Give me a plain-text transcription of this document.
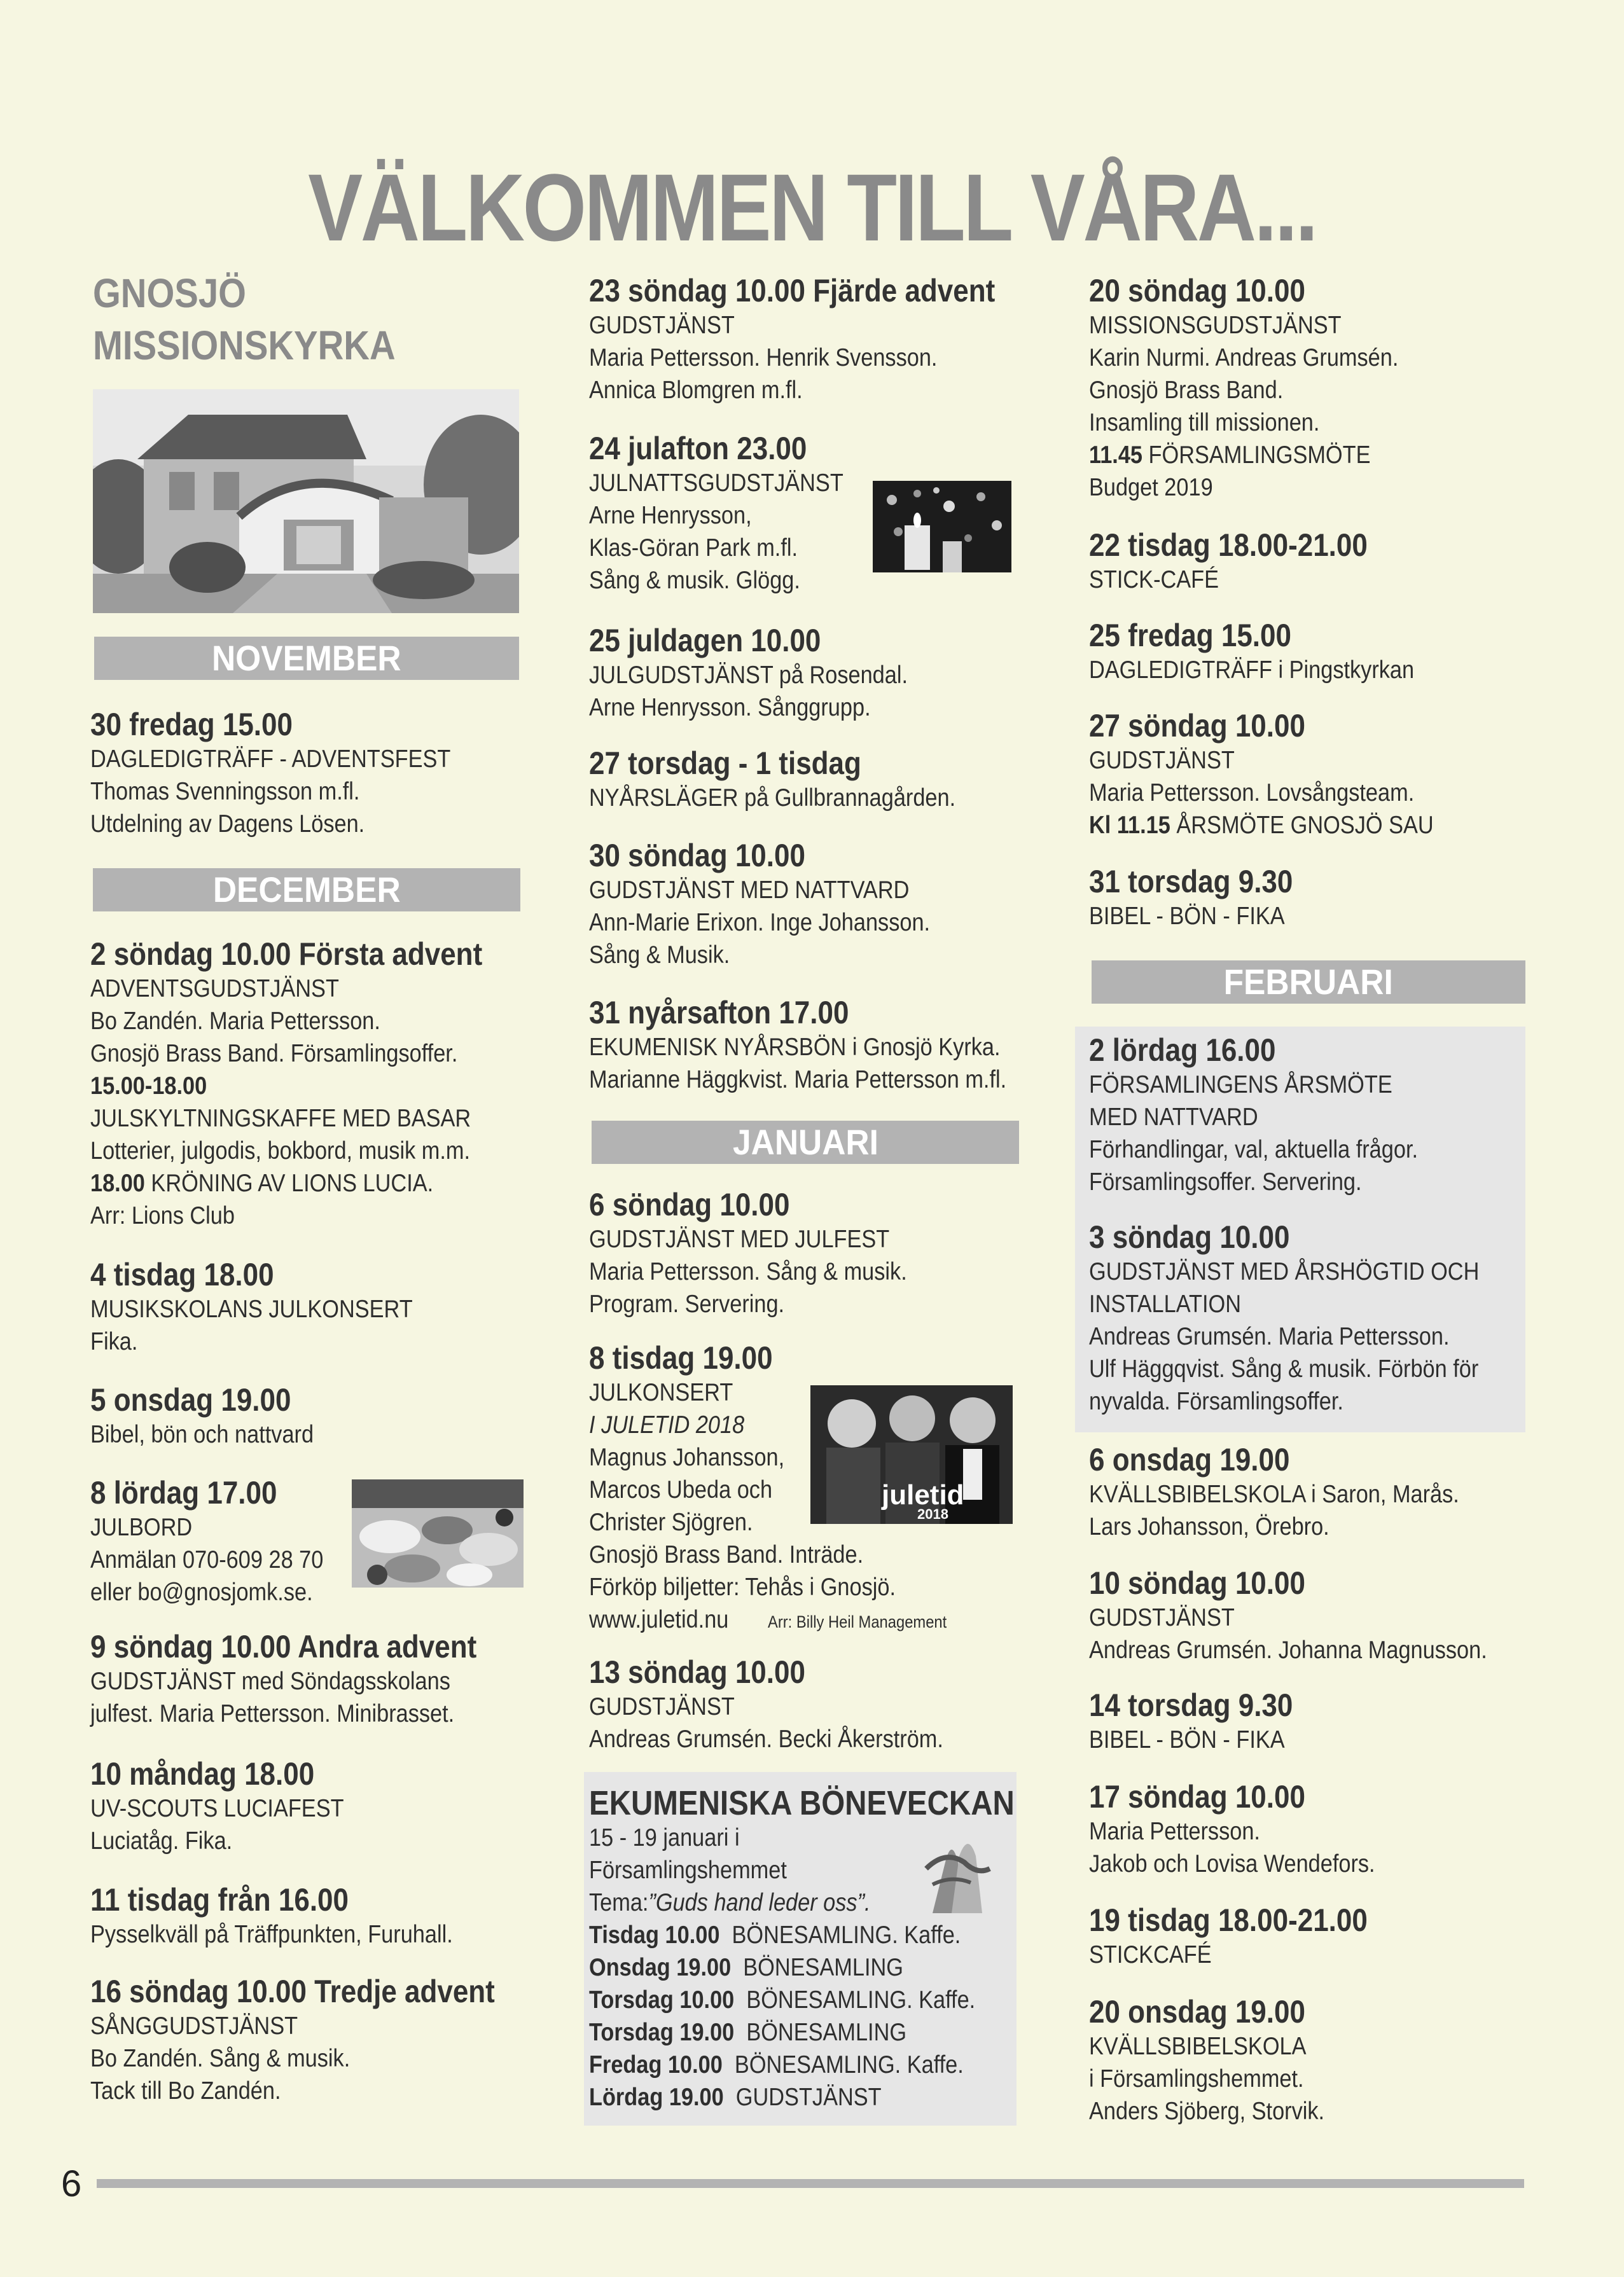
VÄLKOMMEN TILL VÅRA...
GNOSJÖ
MISSIONSKYRKA
NOVEMBER
DECEMBER
JANUARI
FEBRUARI
30 fredag 15.00
DAGLEDIGTRÄFF - ADVENTSFEST
Thomas Svenningsson m.fl.
Utdelning av Dagens Lösen.
2 söndag 10.00 Första advent
ADVENTSGUDSTJÄNST
Bo Zandén. Maria Pettersson.
Gnosjö Brass Band. Församlingsoffer.
15.00-18.00
JULSKYLTNINGSKAFFE MED BASAR
Lotterier, julgodis, bokbord, musik m.m.
18.00 KRÖNING AV LIONS LUCIA.
Arr: Lions Club
4 tisdag 18.00
MUSIKSKOLANS JULKONSERT
Fika.
5 onsdag 19.00
Bibel, bön och nattvard
8 lördag 17.00
JULBORD
Anmälan 070-609 28 70
eller bo@gnosjomk.se.
9 söndag 10.00 Andra advent
GUDSTJÄNST med Söndagsskolans
julfest. Maria Pettersson. Minibrasset.
10 måndag 18.00
UV-SCOUTS LUCIAFEST
Luciatåg. Fika.
11 tisdag från 16.00
Pysselkväll på Träffpunkten, Furuhall.
16 söndag 10.00 Tredje advent
SÅNGGUDSTJÄNST
Bo Zandén. Sång & musik.
Tack till Bo Zandén.
23 söndag 10.00 Fjärde advent
GUDSTJÄNST
Maria Pettersson. Henrik Svensson.
Annica Blomgren m.fl.
24 julafton 23.00
JULNATTSGUDSTJÄNST
Arne Henrysson,
Klas-Göran Park m.fl.
Sång & musik. Glögg.
25 juldagen 10.00
JULGUDSTJÄNST på Rosendal.
Arne Henrysson. Sånggrupp.
27 torsdag - 1 tisdag
NYÅRSLÄGER på Gullbrannagården.
30 söndag 10.00
GUDSTJÄNST MED NATTVARD
Ann-Marie Erixon. Inge Johansson.
Sång & Musik.
31 nyårsafton 17.00
EKUMENISK NYÅRSBÖN i Gnosjö Kyrka.
Marianne Häggkvist. Maria Pettersson m.fl.
6 söndag 10.00
GUDSTJÄNST MED JULFEST
Maria Pettersson. Sång & musik.
Program. Servering.
8 tisdag 19.00
JULKONSERT
I JULETID 2018
Magnus Johansson,
Marcos Ubeda och
Christer Sjögren.
Gnosjö Brass Band. Inträde.
Förköp biljetter: Tehås i Gnosjö.
www.juletid.nu Arr: Billy Heil Management
juletid
2018
13 söndag 10.00
GUDSTJÄNST
Andreas Grumsén. Becki Åkerström.
EKUMENISKA BÖNEVECKAN
15 - 19 januari i
Församlingshemmet
Tema:”Guds hand leder oss”.
Tisdag 10.00 BÖNESAMLING. Kaffe.
Onsdag 19.00 BÖNESAMLING
Torsdag 10.00 BÖNESAMLING. Kaffe.
Torsdag 19.00 BÖNESAMLING
Fredag 10.00 BÖNESAMLING. Kaffe.
Lördag 19.00 GUDSTJÄNST
20 söndag 10.00
MISSIONSGUDSTJÄNST
Karin Nurmi. Andreas Grumsén.
Gnosjö Brass Band.
Insamling till missionen.
11.45 FÖRSAMLINGSMÖTE
Budget 2019
22 tisdag 18.00-21.00
STICK-CAFÉ
25 fredag 15.00
DAGLEDIGTRÄFF i Pingstkyrkan
27 söndag 10.00
GUDSTJÄNST
Maria Pettersson. Lovsångsteam.
Kl 11.15 ÅRSMÖTE GNOSJÖ SAU
31 torsdag 9.30
BIBEL - BÖN - FIKA
2 lördag 16.00
FÖRSAMLINGENS ÅRSMÖTE
MED NATTVARD
Förhandlingar, val, aktuella frågor.
Församlingsoffer. Servering.
3 söndag 10.00
GUDSTJÄNST MED ÅRSHÖGTID OCH
INSTALLATION
Andreas Grumsén. Maria Pettersson.
Ulf Häggqvist. Sång & musik. Förbön för
nyvalda. Församlingsoffer.
6 onsdag 19.00
KVÄLLSBIBELSKOLA i Saron, Marås.
Lars Johansson, Örebro.
10 söndag 10.00
GUDSTJÄNST
Andreas Grumsén. Johanna Magnusson.
14 torsdag 9.30
BIBEL - BÖN - FIKA
17 söndag 10.00
Maria Pettersson.
Jakob och Lovisa Wendefors.
19 tisdag 18.00-21.00
STICKCAFÉ
20 onsdag 19.00
KVÄLLSBIBELSKOLA
i Församlingshemmet.
Anders Sjöberg, Storvik.
6
